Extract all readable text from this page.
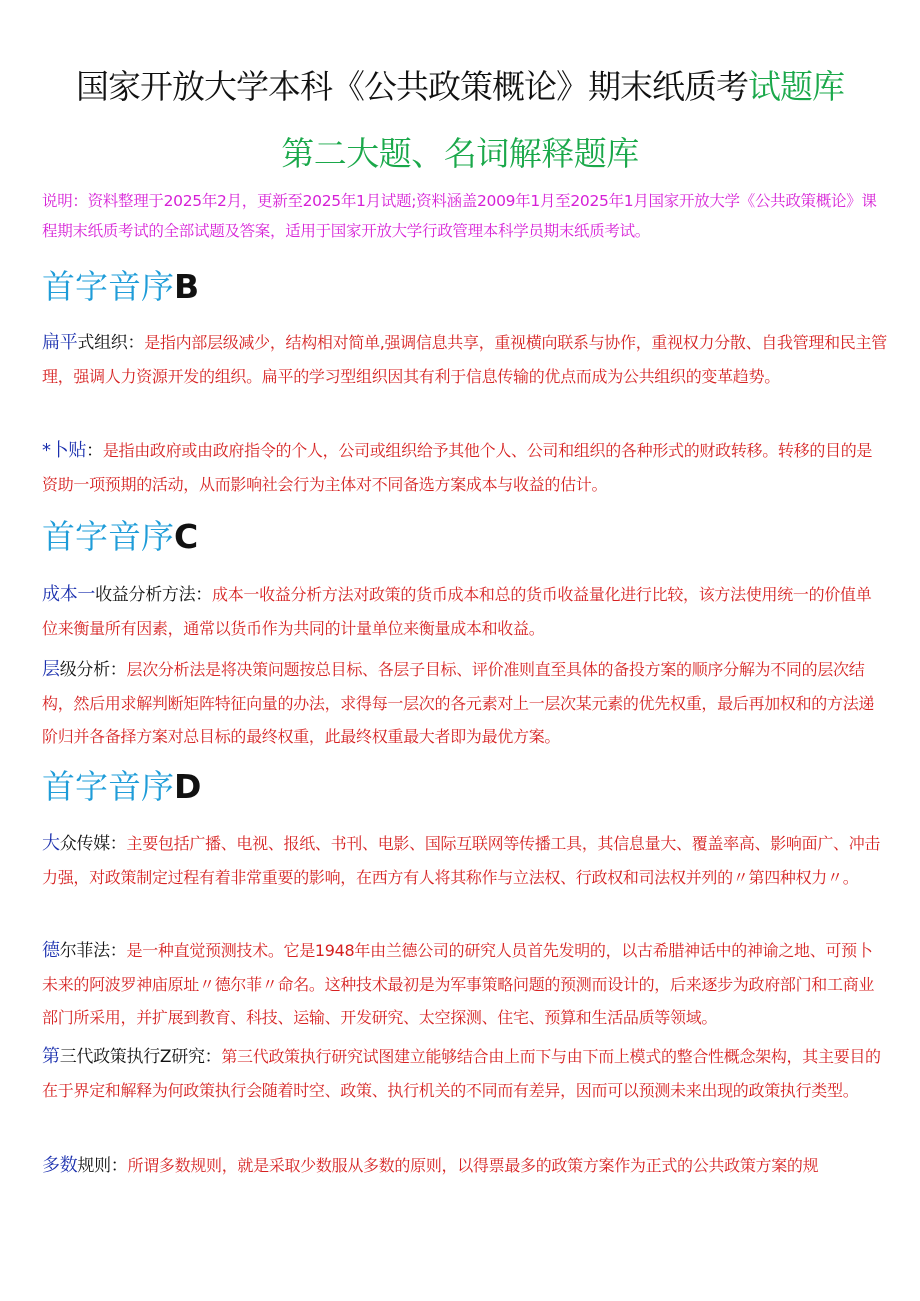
国家开放大学本科《公共政策概论》期末纸质考试题库
第二大题、名词解释题库
说明：资料整理于2025年2月，更新至2025年1月试题;资料涵盖2009年1月至2025年1月国家开放大学《公共政策概论》课程期末纸质考试的全部试题及答案，适用于国家开放大学行政管理本科学员期末纸质考试。
首字音序B
扁平式组织：是指内部层级减少，结构相对简单,强调信息共享，重视横向联系与协作，重视权力分散、自我管理和民主管理，强调人力资源开发的组织。扁平的学习型组织因其有利于信息传输的优点而成为公共组织的变革趋势。
*卜贴：是指由政府或由政府指令的个人，公司或组织给予其他个人、公司和组织的各种形式的财政转移。转移的目的是资助一项预期的活动，从而影响社会行为主体对不同备选方案成本与收益的估计。
首字音序C
成本一收益分析方法：成本一收益分析方法对政策的货币成本和总的货币收益量化进行比较，该方法使用统一的价值单位来衡量所有因素，通常以货币作为共同的计量单位来衡量成本和收益。
层级分析：层次分析法是将决策问题按总目标、各层子目标、评价准则直至具体的备投方案的顺序分解为不同的层次结构，然后用求解判断矩阵特征向量的办法，求得每一层次的各元素对上一层次某元素的优先权重，最后再加权和的方法递阶归并各备择方案对总目标的最终权重，此最终权重最大者即为最优方案。
首字音序D
大众传媒：主要包括广播、电视、报纸、书刊、电影、国际互联网等传播工具，其信息量大、覆盖率高、影响面广、冲击力强，对政策制定过程有着非常重要的影响，在西方有人将其称作与立法权、行政权和司法权并列的〃第四种权力〃。
德尔菲法：是一种直觉预测技术。它是1948年由兰德公司的研究人员首先发明的，以古希腊神话中的神谕之地、可预卜未来的阿波罗神庙原址〃德尔菲〃命名。这种技术最初是为军事策略问题的预测而设计的，后来逐步为政府部门和工商业部门所采用，并扩展到教育、科技、运输、开发研究、太空探测、住宅、预算和生活品质等领域。
第三代政策执行Z研究：第三代政策执行研究试图建立能够结合由上而下与由下而上模式的整合性概念架构，其主要目的在于界定和解释为何政策执行会随着时空、政策、执行机关的不同而有差异，因而可以预测未来出现的政策执行类型。
多数规则：所谓多数规则，就是采取少数服从多数的原则，以得票最多的政策方案作为正式的公共政策方案的规
